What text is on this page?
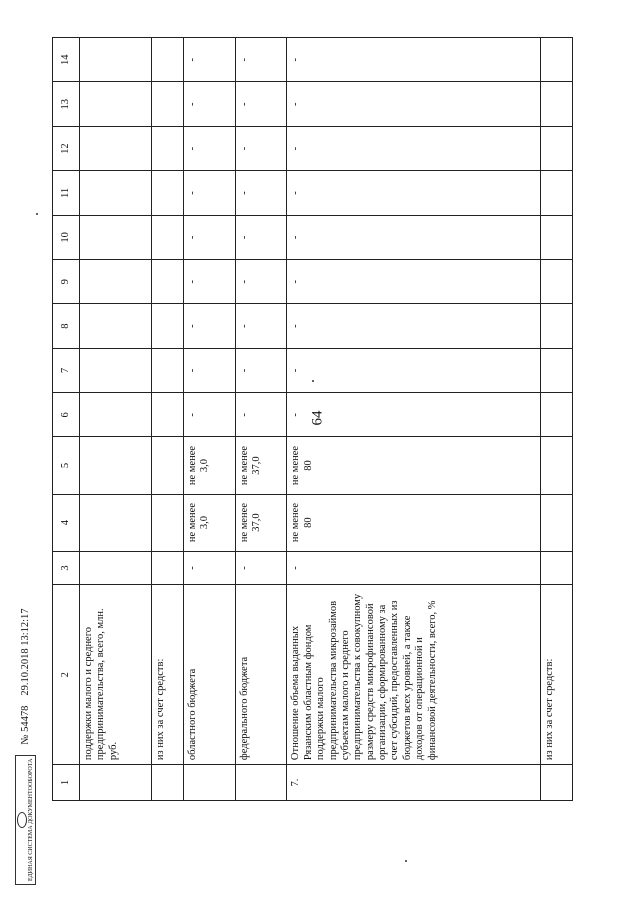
64
1	2	3	4	5	6	7	8	9	10	11	12	13	14
	поддержки малого и среднего предпринимательства, всего, млн. руб.												
	из них за счет средств:												
	областного бюджета	-	не менее 3,0	не менее 3,0	-	-	-	-	-	-	-	-	-
	федерального бюджета	-	не менее 37,0	не менее 37,0	-	-	-	-	-	-	-	-	-
7.	Отношение объема выданных Рязанским областным фондом поддержки малого предпринимательства микрозаймов субъектам малого и среднего предпринимательства к совокупному размеру средств микрофинансовой организации, сформированному за счет субсидий, предоставленных из бюджетов всех уровней, а также доходов от операционной и финансовой деятельности, всего, %	-	не менее 80	не менее 80	-	-	-	-	-	-	-	-	-
	из них за счет средств:												
ЕДИНАЯ СИСТЕМА ДОКУМЕНТООБОРОТА
№ 54478
29.10.2018 13:12:17
